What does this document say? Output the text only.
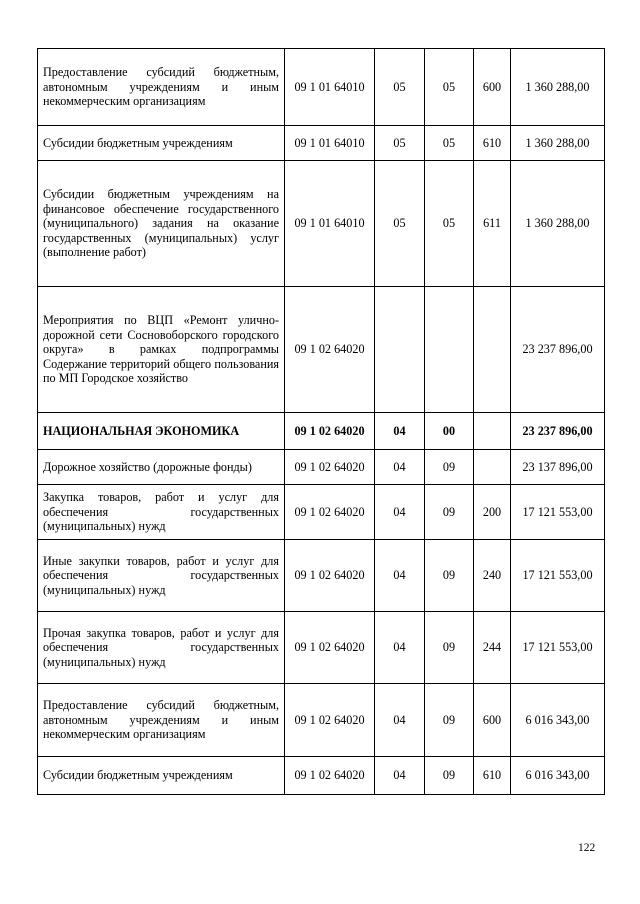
Предоставление субсидий бюджетным, автономным учреждениям и иным некоммерческим организациям	09 1 01 64010	05	05	600	1 360 288,00
Субсидии бюджетным учреждениям	09 1 01 64010	05	05	610	1 360 288,00
Субсидии бюджетным учреждениям на финансовое обеспечение государственного (муниципального) задания на оказание государственных (муниципальных) услуг (выполнение работ)	09 1 01 64010	05	05	611	1 360 288,00
Мероприятия по ВЦП «Ремонт улично-дорожной сети Сосновоборского городского округа» в рамках подпрограммы Содержание территорий общего пользования по МП Городское хозяйство	09 1 02 64020				23 237 896,00
НАЦИОНАЛЬНАЯ ЭКОНОМИКА	09 1 02 64020	04	00		23 237 896,00
Дорожное хозяйство (дорожные фонды)	09 1 02 64020	04	09		23 137 896,00
Закупка товаров, работ и услуг для обеспечения государственных (муниципальных) нужд	09 1 02 64020	04	09	200	17 121 553,00
Иные закупки товаров, работ и услуг для обеспечения государственных (муниципальных) нужд	09 1 02 64020	04	09	240	17 121 553,00
Прочая закупка товаров, работ и услуг для обеспечения государственных (муниципальных) нужд	09 1 02 64020	04	09	244	17 121 553,00
Предоставление субсидий бюджетным, автономным учреждениям и иным некоммерческим организациям	09 1 02 64020	04	09	600	6 016 343,00
Субсидии бюджетным учреждениям	09 1 02 64020	04	09	610	6 016 343,00
122
